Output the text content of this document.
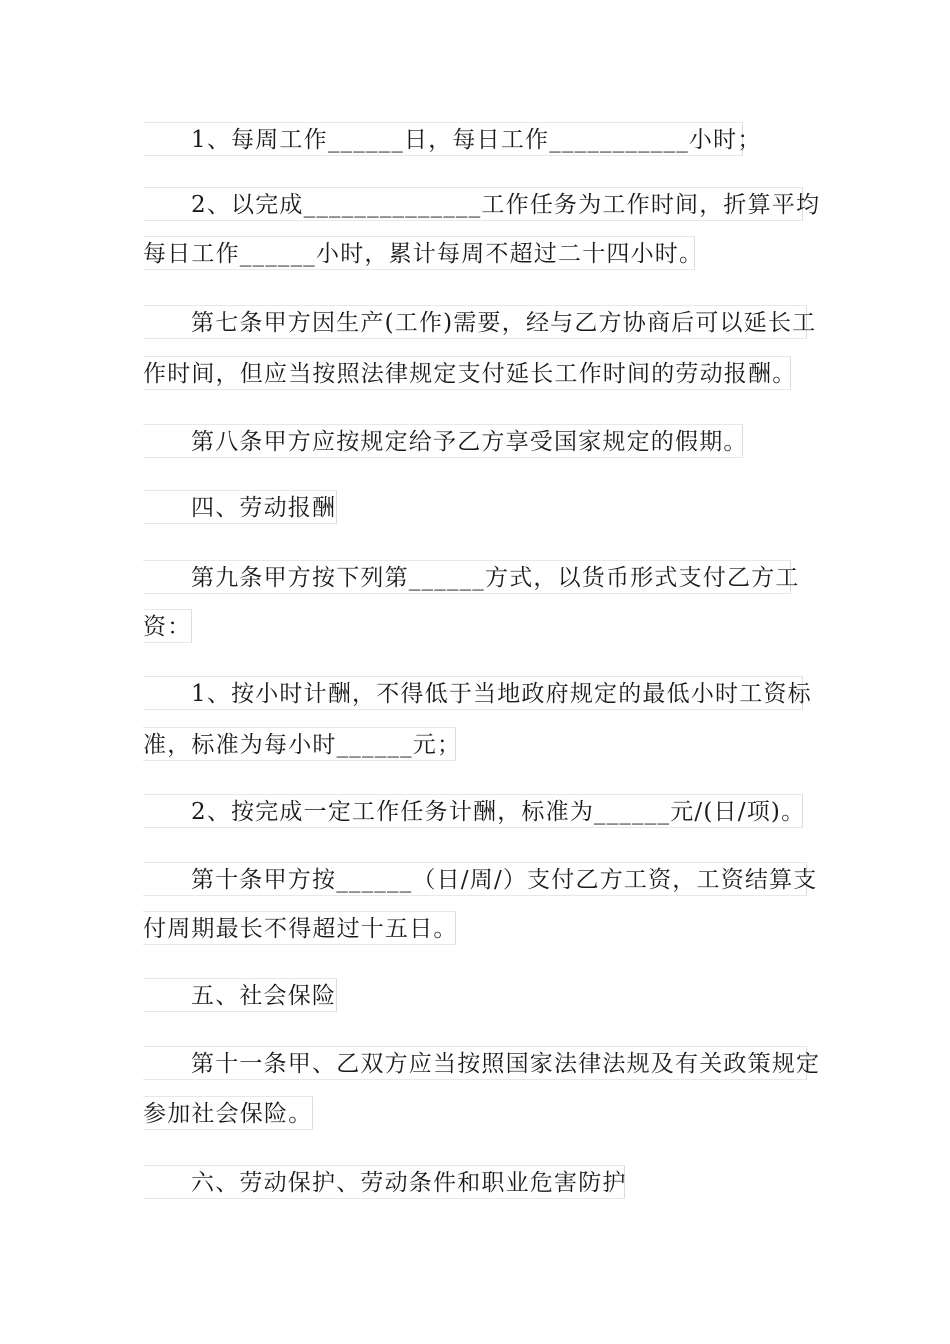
1、每周工作______日，每日工作___________小时；
2、以完成______________工作任务为工作时间，折算平均
每日工作______小时，累计每周不超过二十四小时。
第七条甲方因生产(工作)需要，经与乙方协商后可以延长工
作时间，但应当按照法律规定支付延长工作时间的劳动报酬。
第八条甲方应按规定给予乙方享受国家规定的假期。
四、劳动报酬
第九条甲方按下列第______方式，以货币形式支付乙方工
资：
1、按小时计酬，不得低于当地政府规定的最低小时工资标
准，标准为每小时______元；
2、按完成一定工作任务计酬，标准为______元/(日/项)。
第十条甲方按______（日/周/）支付乙方工资，工资结算支
付周期最长不得超过十五日。
五、社会保险
第十一条甲、乙双方应当按照国家法律法规及有关政策规定
参加社会保险。
六、劳动保护、劳动条件和职业危害防护
